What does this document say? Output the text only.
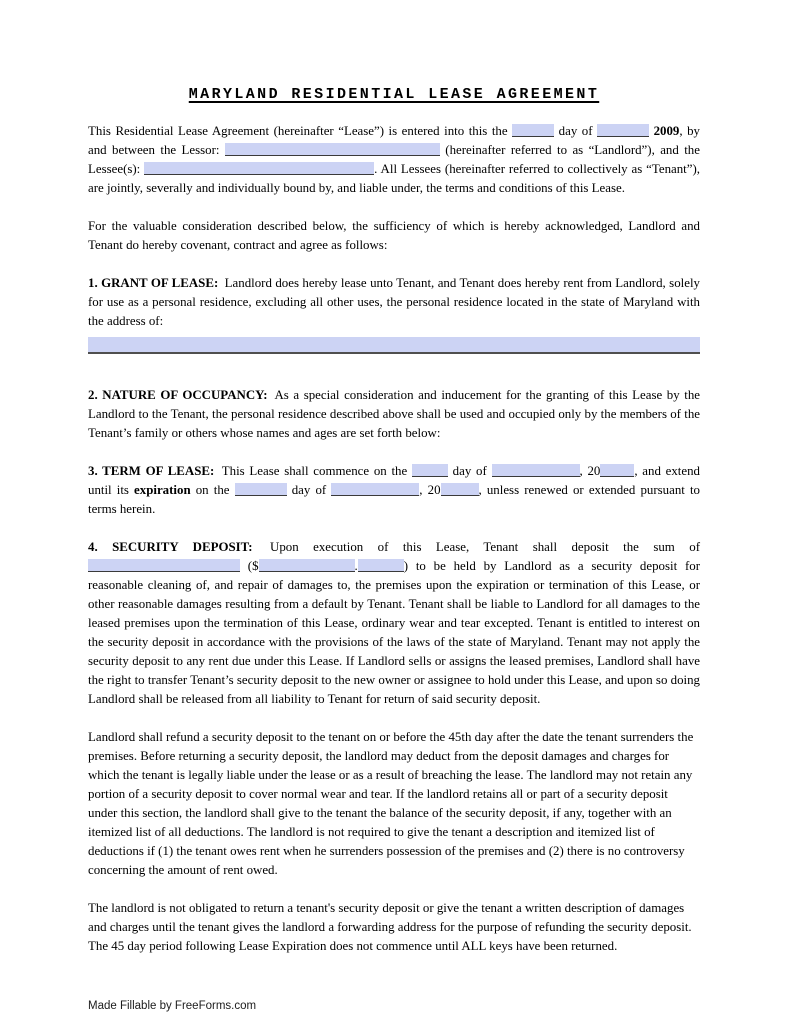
MARYLAND RESIDENTIAL LEASE AGREEMENT

This Residential Lease Agreement (hereinafter “Lease”) is entered into this the	day of	2009, by and between the Lessor:	(hereinafter referred to as “Landlord”), and the Lessee(s):	. All Lessees (hereinafter referred to collectively as “Tenant”), are jointly, severally and individually bound by, and liable under, the terms and conditions of this Lease.

For the valuable consideration described below, the sufficiency of which is hereby acknowledged, Landlord and Tenant do hereby covenant, contract and agree as follows:

1. GRANT OF LEASE: Landlord does hereby lease unto Tenant, and Tenant does hereby rent from Landlord, solely for use as a personal residence, excluding all other uses, the personal residence located in the state of Maryland with the address of:

2. NATURE OF OCCUPANCY: As a special consideration and inducement for the granting of this Lease by the Landlord to the Tenant, the personal residence described above shall be used and occupied only by the members of the Tenant’s family or others whose names and ages are set forth below:

3. TERM OF LEASE: This Lease shall commence on the	day of	, 20	, and extend until its expiration on the	day of	, 20	, unless renewed or extended pursuant to terms herein.

4. SECURITY DEPOSIT: Upon execution of this Lease, Tenant shall deposit the sum of  ($	.	) to be held by Landlord as a security deposit for reasonable cleaning of, and repair of damages to, the premises upon the expiration or termination of this Lease, or other reasonable damages resulting from a default by Tenant. Tenant shall be liable to Landlord for all damages to the leased premises upon the termination of this Lease, ordinary wear and tear excepted. Tenant is entitled to interest on the security deposit in accordance with the provisions of the laws of the state of Maryland. Tenant may not apply the security deposit to any rent due under this Lease. If Landlord sells or assigns the leased premises, Landlord shall have the right to transfer Tenant’s security deposit to the new owner or assignee to hold under this Lease, and upon so doing Landlord shall be released from all liability to Tenant for return of said security deposit.

Landlord shall refund a security deposit to the tenant on or before the 45th day after the date the tenant surrenders the premises. Before returning a security deposit, the landlord may deduct from the deposit damages and charges for which the tenant is legally liable under the lease or as a result of breaching the lease. The landlord may not retain any portion of a security deposit to cover normal wear and tear. If the landlord retains all or part of a security deposit under this section, the landlord shall give to the tenant the balance of the security deposit, if any, together with an itemized list of all deductions. The landlord is not required to give the tenant a description and itemized list of deductions if (1) the tenant owes rent when he surrenders possession of the premises and (2) there is no controversy concerning the amount of rent owed.

The landlord is not obligated to return a tenant's security deposit or give the tenant a written description of damages and charges until the tenant gives the landlord a forwarding address for the purpose of refunding the security deposit. The 45 day period following Lease Expiration does not commence until ALL keys have been returned.

Made Fillable by FreeForms.com
